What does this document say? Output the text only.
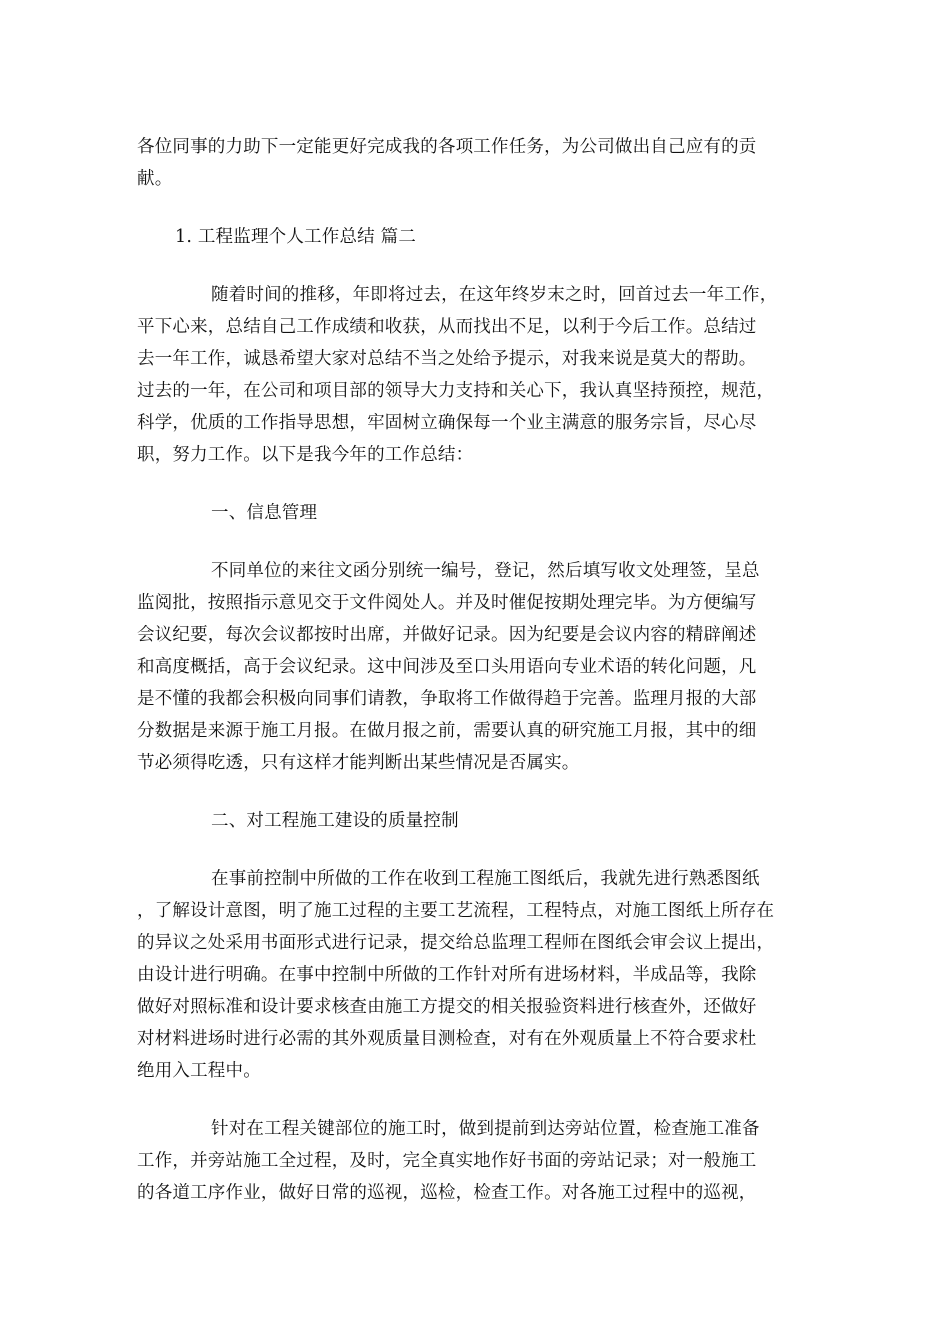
各位同事的力助下一定能更好完成我的各项工作任务，为公司做出自己应有的贡
献。
1. 工程监理个人工作总结 篇二
随着时间的推移，年即将过去，在这年终岁末之时，回首过去一年工作，
平下心来，总结自己工作成绩和收获，从而找出不足，以利于今后工作。总结过
去一年工作，诚恳希望大家对总结不当之处给予提示，对我来说是莫大的帮助。
过去的一年，在公司和项目部的领导大力支持和关心下，我认真坚持预控，规范，
科学，优质的工作指导思想，牢固树立确保每一个业主满意的服务宗旨，尽心尽
职，努力工作。以下是我今年的工作总结：
一、信息管理
不同单位的来往文函分别统一编号，登记，然后填写收文处理签，呈总
监阅批，按照指示意见交于文件阅处人。并及时催促按期处理完毕。为方便编写
会议纪要，每次会议都按时出席，并做好记录。因为纪要是会议内容的精辟阐述
和高度概括，高于会议纪录。这中间涉及至口头用语向专业术语的转化问题，凡
是不懂的我都会积极向同事们请教，争取将工作做得趋于完善。监理月报的大部
分数据是来源于施工月报。在做月报之前，需要认真的研究施工月报，其中的细
节必须得吃透，只有这样才能判断出某些情况是否属实。
二、对工程施工建设的质量控制
在事前控制中所做的工作在收到工程施工图纸后，我就先进行熟悉图纸
，了解设计意图，明了施工过程的主要工艺流程，工程特点，对施工图纸上所存在
的异议之处采用书面形式进行记录，提交给总监理工程师在图纸会审会议上提出，
由设计进行明确。在事中控制中所做的工作针对所有进场材料，半成品等，我除
做好对照标准和设计要求核查由施工方提交的相关报验资料进行核查外，还做好
对材料进场时进行必需的其外观质量目测检查，对有在外观质量上不符合要求杜
绝用入工程中。
针对在工程关键部位的施工时，做到提前到达旁站位置，检查施工准备
工作，并旁站施工全过程，及时，完全真实地作好书面的旁站记录；对一般施工
的各道工序作业，做好日常的巡视，巡检，检查工作。对各施工过程中的巡视，
